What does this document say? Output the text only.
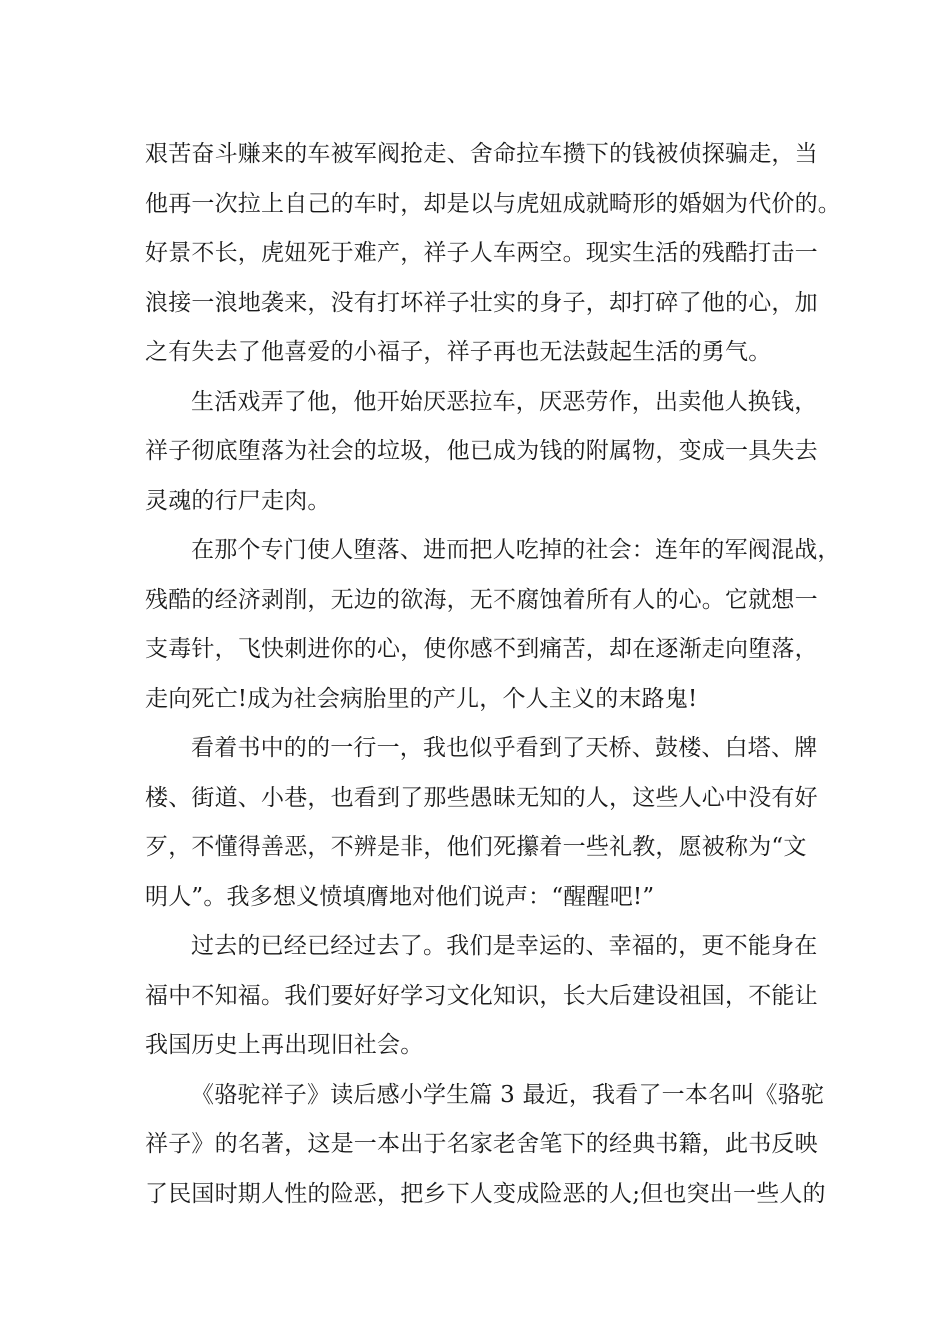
艰苦奋斗赚来的车被军阀抢走、舍命拉车攒下的钱被侦探骗走，当
他再一次拉上自己的车时，却是以与虎妞成就畸形的婚姻为代价的。
好景不长，虎妞死于难产，祥子人车两空。现实生活的残酷打击一
浪接一浪地袭来，没有打坏祥子壮实的身子，却打碎了他的心，加
之有失去了他喜爱的小福子，祥子再也无法鼓起生活的勇气。
生活戏弄了他，他开始厌恶拉车，厌恶劳作，出卖他人换钱，
祥子彻底堕落为社会的垃圾，他已成为钱的附属物，变成一具失去
灵魂的行尸走肉。
在那个专门使人堕落、进而把人吃掉的社会：连年的军阀混战，
残酷的经济剥削，无边的欲海，无不腐蚀着所有人的心。它就想一
支毒针，飞快刺进你的心，使你感不到痛苦，却在逐渐走向堕落，
走向死亡!成为社会病胎里的产儿，个人主义的末路鬼!
看着书中的的一行一，我也似乎看到了天桥、鼓楼、白塔、牌
楼、街道、小巷，也看到了那些愚昧无知的人，这些人心中没有好
歹，不懂得善恶，不辨是非，他们死攥着一些礼教，愿被称为“文
明人”。我多想义愤填膺地对他们说声：“醒醒吧!”
过去的已经已经过去了。我们是幸运的、幸福的，更不能身在
福中不知福。我们要好好学习文化知识，长大后建设祖国，不能让
我国历史上再出现旧社会。
《骆驼祥子》读后感小学生篇 3 最近，我看了一本名叫《骆驼
祥子》的名著，这是一本出于名家老舍笔下的经典书籍，此书反映
了民国时期人性的险恶，把乡下人变成险恶的人;但也突出一些人的
